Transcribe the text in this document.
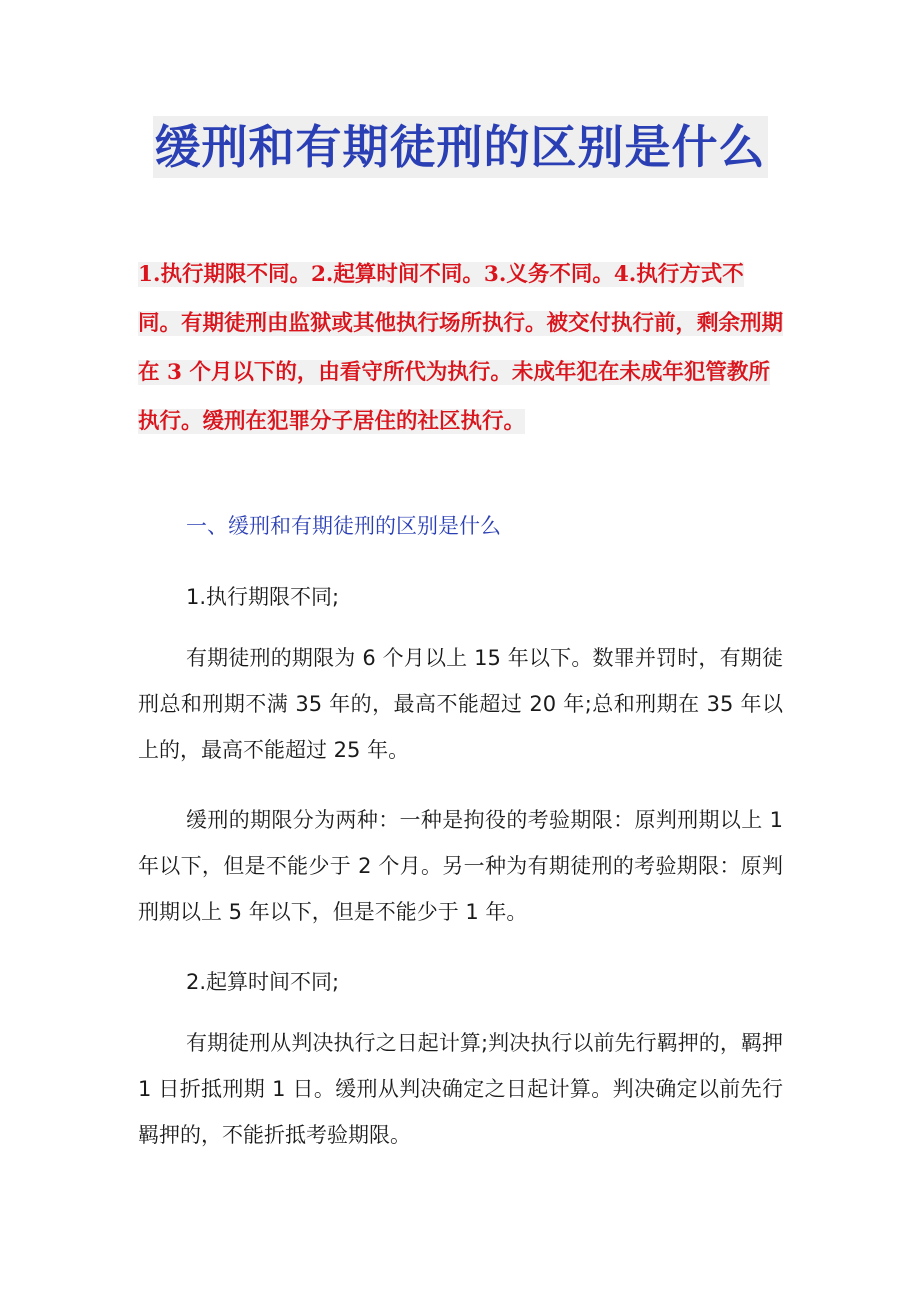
缓刑和有期徒刑的区别是什么

1.执行期限不同。2.起算时间不同。3.义务不同。4.执行方式不同。有期徒刑由监狱或其他执行场所执行。被交付执行前，剩余刑期在 3 个月以下的，由看守所代为执行。未成年犯在未成年犯管教所执行。缓刑在犯罪分子居住的社区执行。

一、缓刑和有期徒刑的区别是什么

1.执行期限不同;

有期徒刑的期限为 6 个月以上 15 年以下。数罪并罚时，有期徒刑总和刑期不满 35 年的，最高不能超过 20 年;总和刑期在 35 年以上的，最高不能超过 25 年。

缓刑的期限分为两种：一种是拘役的考验期限：原判刑期以上 1 年以下，但是不能少于 2 个月。另一种为有期徒刑的考验期限：原判刑期以上 5 年以下，但是不能少于 1 年。

2.起算时间不同;

有期徒刑从判决执行之日起计算;判决执行以前先行羁押的，羁押 1 日折抵刑期 1 日。缓刑从判决确定之日起计算。判决确定以前先行羁押的，不能折抵考验期限。
